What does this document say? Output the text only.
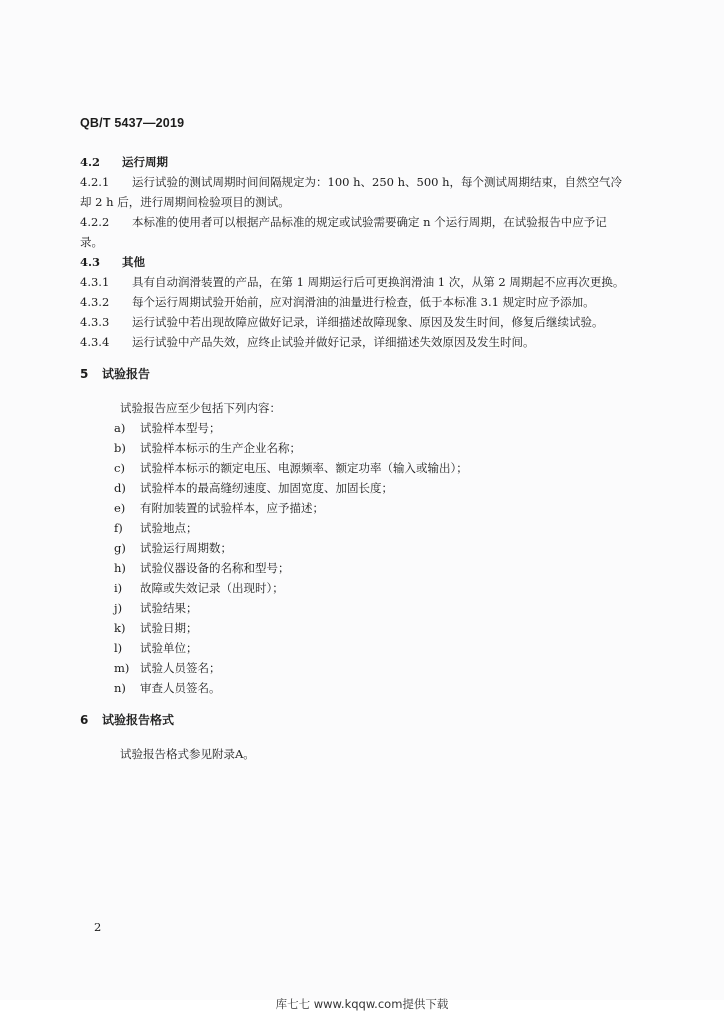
QB/T 5437—2019
4.2 运行周期
4.2.1 运行试验的测试周期时间间隔规定为：100 h、250 h、500 h，每个测试周期结束，自然空气冷
却 2 h 后，进行周期间检验项目的测试。
4.2.2 本标准的使用者可以根据产品标准的规定或试验需要确定 n 个运行周期，在试验报告中应予记
录。
4.3 其他
4.3.1 具有自动润滑装置的产品，在第 1 周期运行后可更换润滑油 1 次，从第 2 周期起不应再次更换。
4.3.2 每个运行周期试验开始前，应对润滑油的油量进行检查，低于本标准 3.1 规定时应予添加。
4.3.3 运行试验中若出现故障应做好记录，详细描述故障现象、原因及发生时间，修复后继续试验。
4.3.4 运行试验中产品失效，应终止试验并做好记录，详细描述失效原因及发生时间。
5 试验报告
试验报告应至少包括下列内容：
a) 试验样本型号；
b) 试验样本标示的生产企业名称；
c) 试验样本标示的额定电压、电源频率、额定功率（输入或输出）；
d) 试验样本的最高缝纫速度、加固宽度、加固长度；
e) 有附加装置的试验样本，应予描述；
f) 试验地点；
g) 试验运行周期数；
h) 试验仪器设备的名称和型号；
i) 故障或失效记录（出现时）；
j) 试验结果；
k) 试验日期；
l) 试验单位；
m) 试验人员签名；
n) 审查人员签名。
6 试验报告格式
试验报告格式参见附录A。
2
库七七 www.kqqw.com提供下载
